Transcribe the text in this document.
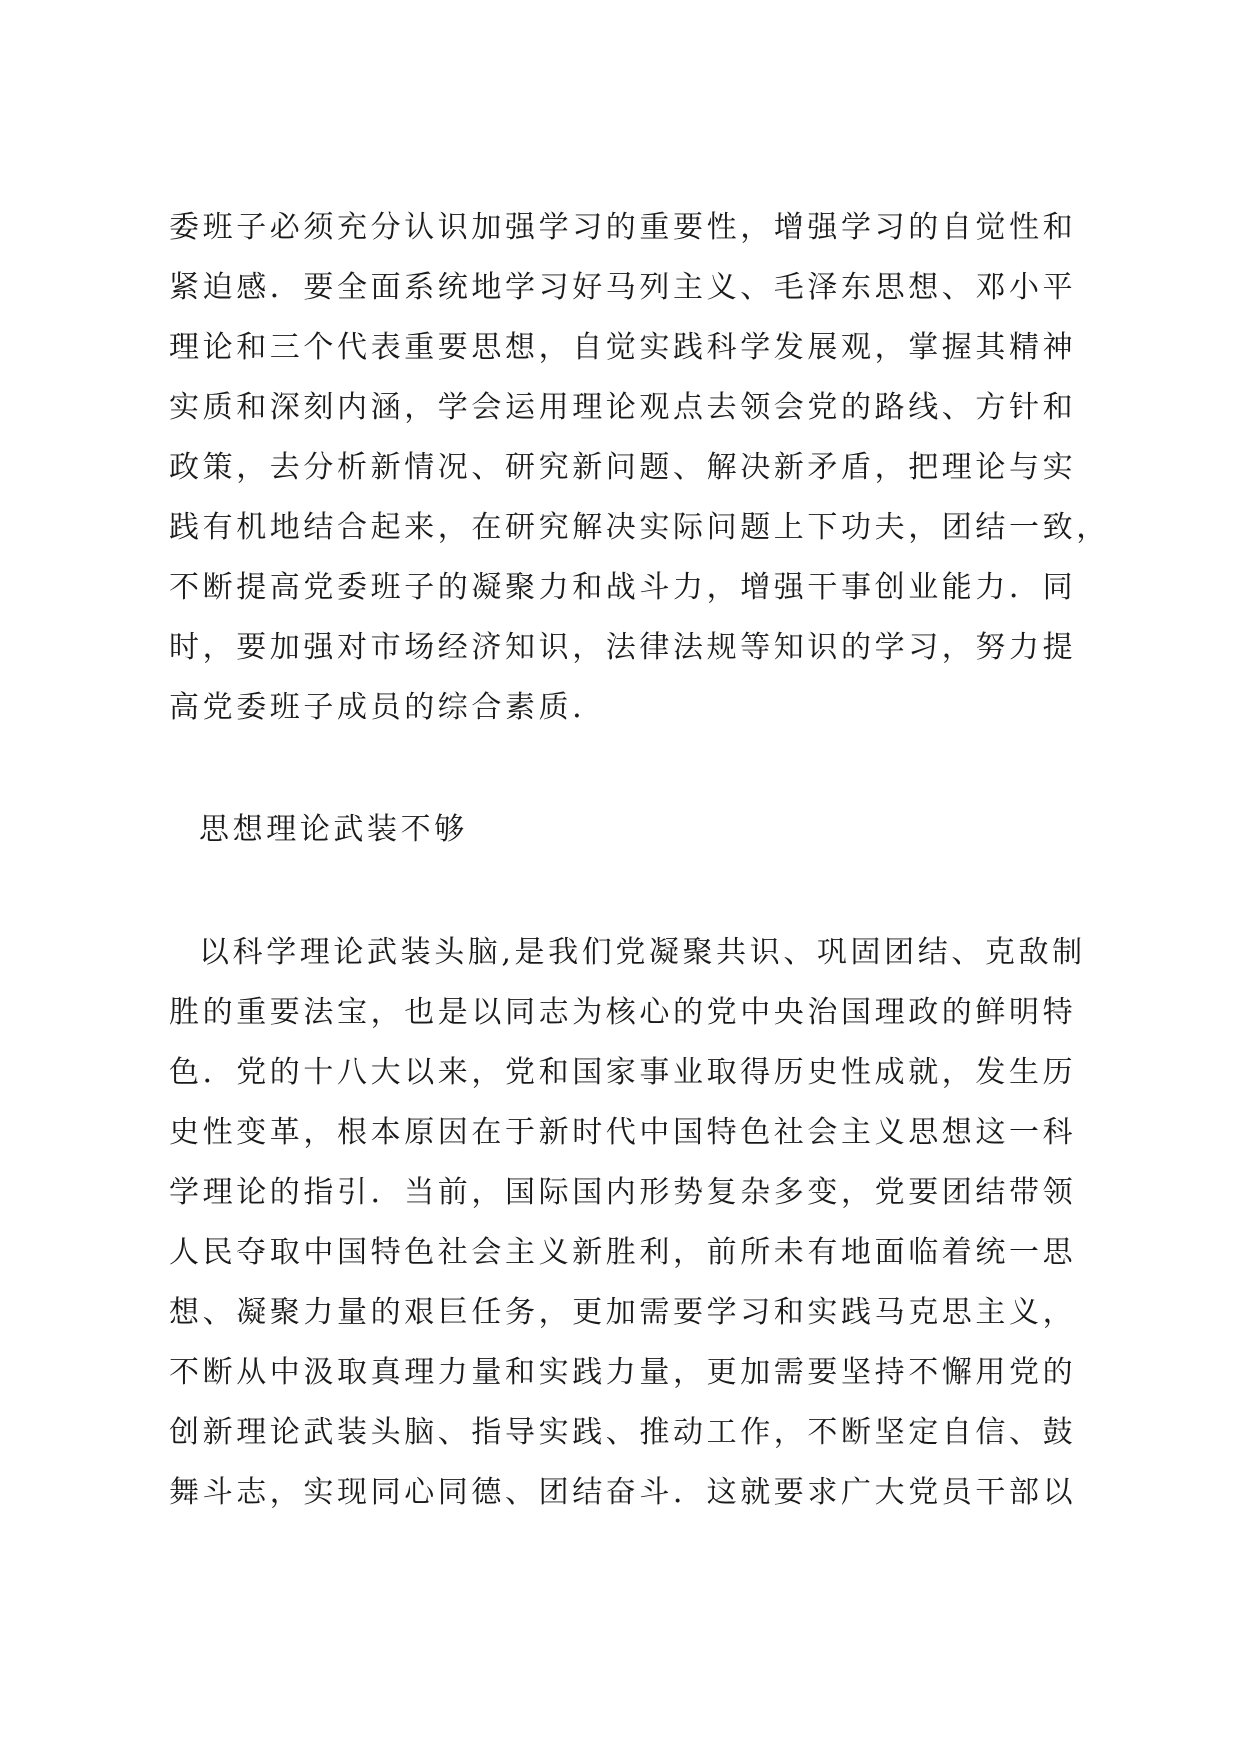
委班子必须充分认识加强学习的重要性，增强学习的自觉性和
紧迫感．要全面系统地学习好马列主义、毛泽东思想、邓小平
理论和三个代表重要思想，自觉实践科学发展观，掌握其精神
实质和深刻内涵，学会运用理论观点去领会党的路线、方针和
政策，去分析新情况、研究新问题、解决新矛盾，把理论与实
践有机地结合起来，在研究解决实际问题上下功夫，团结一致，
不断提高党委班子的凝聚力和战斗力，增强干事创业能力．同
时，要加强对市场经济知识，法律法规等知识的学习，努力提
高党委班子成员的综合素质．
思想理论武装不够
以科学理论武装头脑,是我们党凝聚共识、巩固团结、克敌制
胜的重要法宝，也是以同志为核心的党中央治国理政的鲜明特
色．党的十八大以来，党和国家事业取得历史性成就，发生历
史性变革，根本原因在于新时代中国特色社会主义思想这一科
学理论的指引．当前，国际国内形势复杂多变，党要团结带领
人民夺取中国特色社会主义新胜利，前所未有地面临着统一思
想、凝聚力量的艰巨任务，更加需要学习和实践马克思主义，
不断从中汲取真理力量和实践力量，更加需要坚持不懈用党的
创新理论武装头脑、指导实践、推动工作，不断坚定自信、鼓
舞斗志，实现同心同德、团结奋斗．这就要求广大党员干部以
